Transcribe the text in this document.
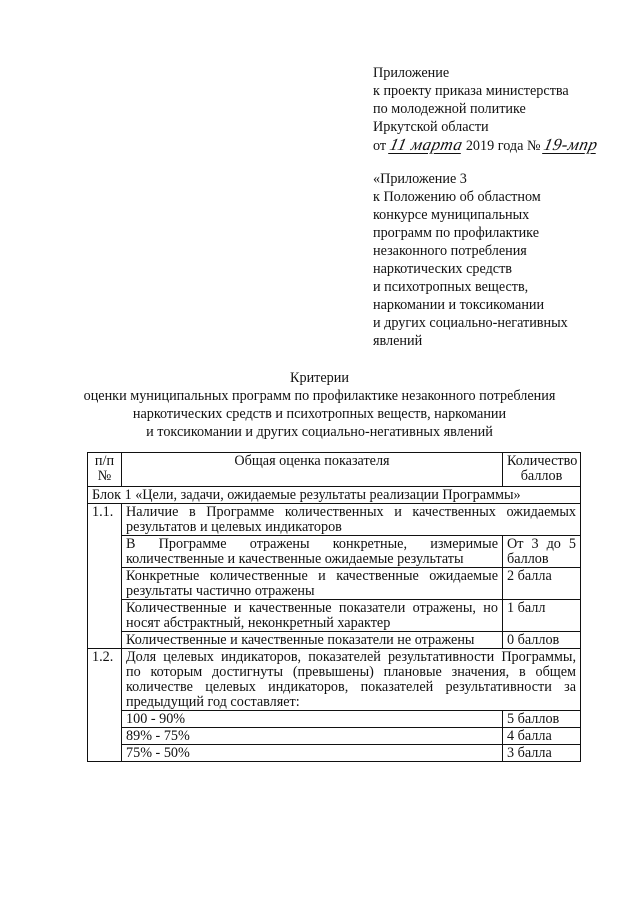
Приложение
к проекту приказа министерства
по молодежной политике
Иркутской области
от 11 марта 2019 года № 19-мпр
«Приложение 3
к Положению об областном
конкурсе муниципальных
программ по профилактике
незаконного потребления
наркотических средств
и психотропных веществ,
наркомании и токсикомании
и других социально-негативных
явлений
Критерии
оценки муниципальных программ по профилактике незаконного потребления
наркотических средств и психотропных веществ, наркомании
и токсикомании и других социально-негативных явлений
п/п №	Общая оценка показателя	Количество баллов
Блок 1 «Цели, задачи, ожидаемые результаты реализации Программы»		
1.1.	Наличие в Программе количественных и качественных ожидаемых результатов и целевых индикаторов	
	В Программе отражены конкретные, измеримые количественные и качественные ожидаемые результаты	От 3 до 5 баллов
	Конкретные количественные и качественные ожидаемые результаты частично отражены	2 балла
	Количественные и качественные показатели отражены, но носят абстрактный, неконкретный характер	1 балл
	Количественные и качественные показатели не отражены	0 баллов
1.2.	Доля целевых индикаторов, показателей результативности Программы, по которым достигнуты (превышены) плановые значения, в общем количестве целевых индикаторов, показателей результативности за предыдущий год составляет:	
	100 - 90%	5 баллов
	89% - 75%	4 балла
	75% - 50%	3 балла
